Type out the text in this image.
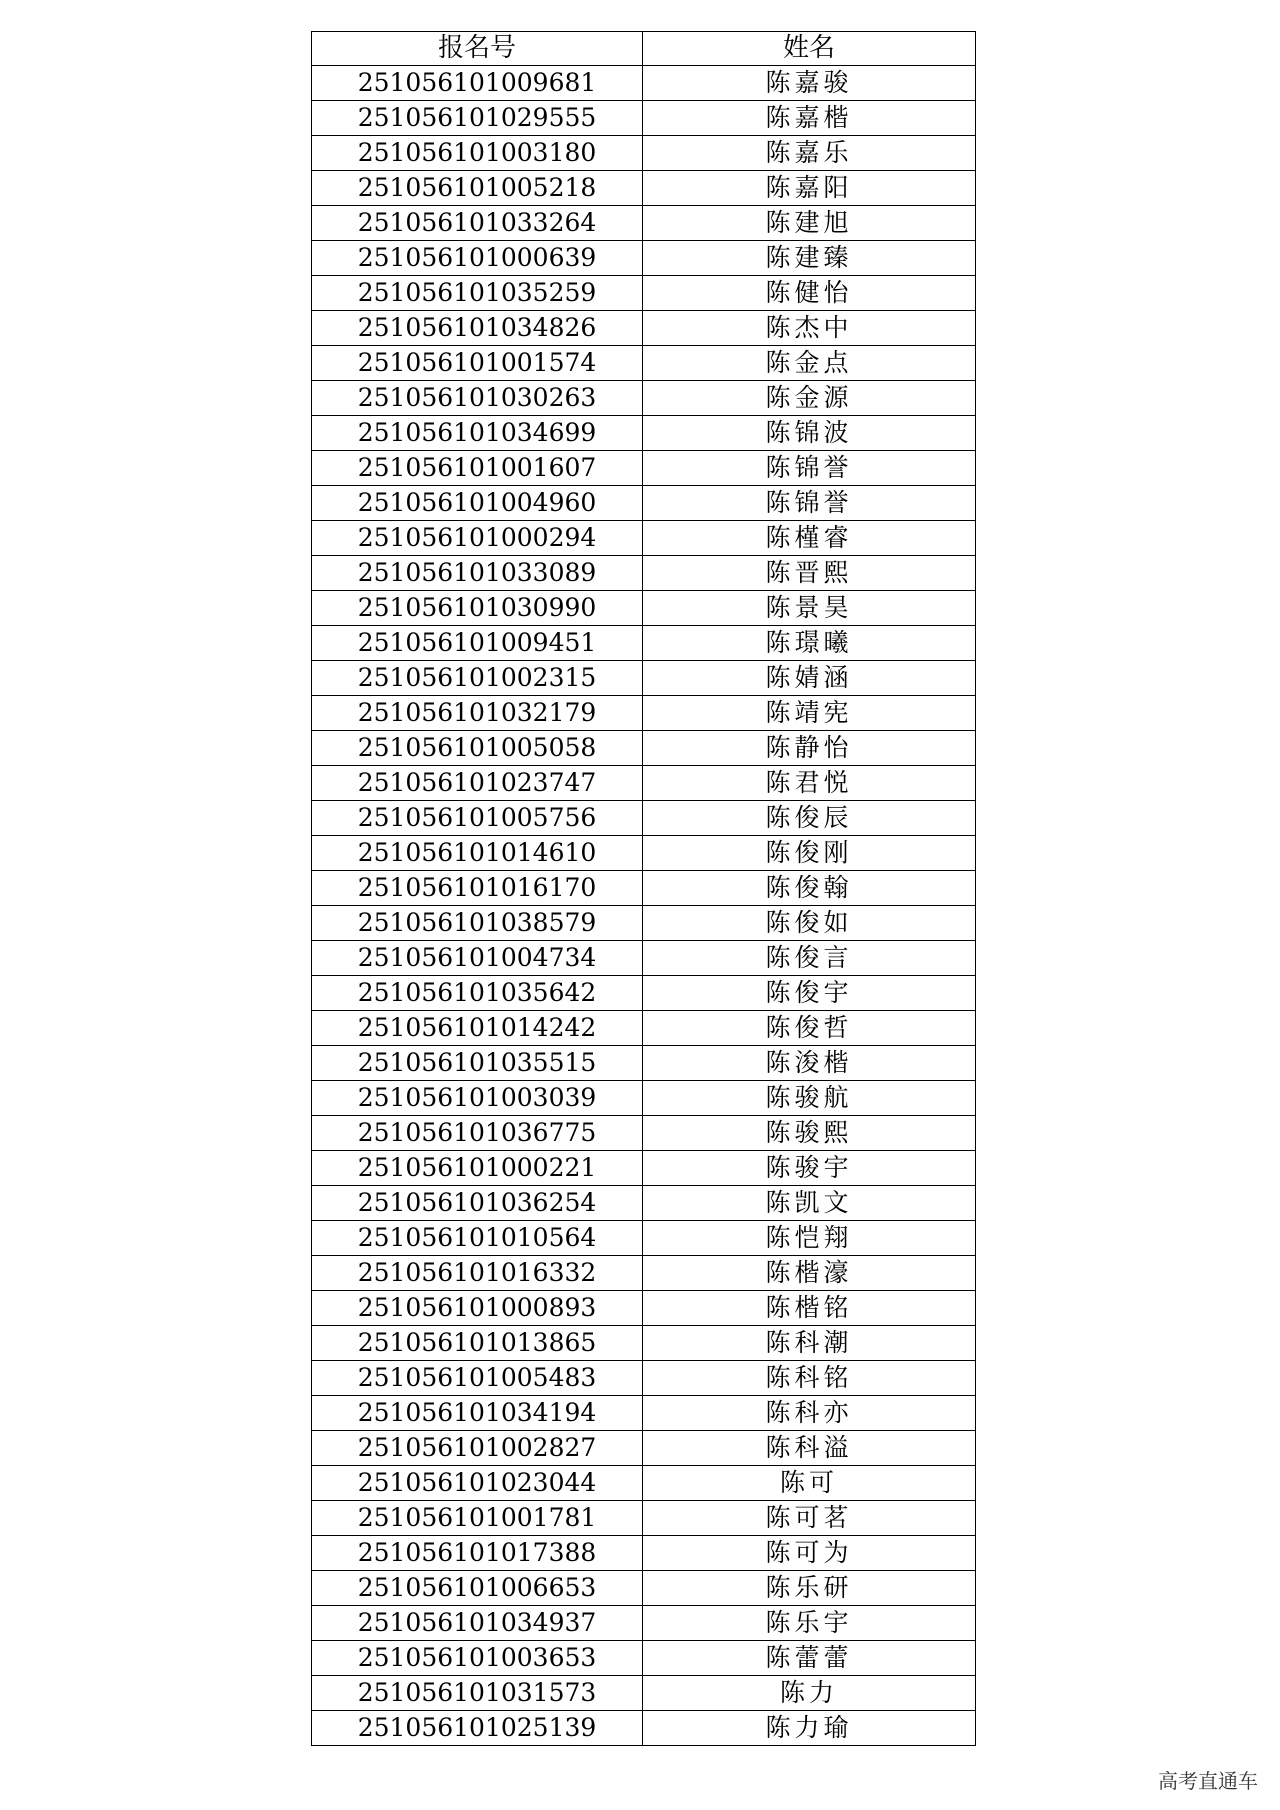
报名号	姓名
251056101009681	陈嘉骏
251056101029555	陈嘉楷
251056101003180	陈嘉乐
251056101005218	陈嘉阳
251056101033264	陈建旭
251056101000639	陈建臻
251056101035259	陈健怡
251056101034826	陈杰中
251056101001574	陈金点
251056101030263	陈金源
251056101034699	陈锦波
251056101001607	陈锦誉
251056101004960	陈锦誉
251056101000294	陈槿睿
251056101033089	陈晋熙
251056101030990	陈景昊
251056101009451	陈璟曦
251056101002315	陈婧涵
251056101032179	陈靖宪
251056101005058	陈静怡
251056101023747	陈君悦
251056101005756	陈俊辰
251056101014610	陈俊刚
251056101016170	陈俊翰
251056101038579	陈俊如
251056101004734	陈俊言
251056101035642	陈俊宇
251056101014242	陈俊哲
251056101035515	陈浚楷
251056101003039	陈骏航
251056101036775	陈骏熙
251056101000221	陈骏宇
251056101036254	陈凯文
251056101010564	陈恺翔
251056101016332	陈楷濠
251056101000893	陈楷铭
251056101013865	陈科潮
251056101005483	陈科铭
251056101034194	陈科亦
251056101002827	陈科溢
251056101023044	陈可
251056101001781	陈可茗
251056101017388	陈可为
251056101006653	陈乐研
251056101034937	陈乐宇
251056101003653	陈蕾蕾
251056101031573	陈力
251056101025139	陈力瑜
高考直通车
